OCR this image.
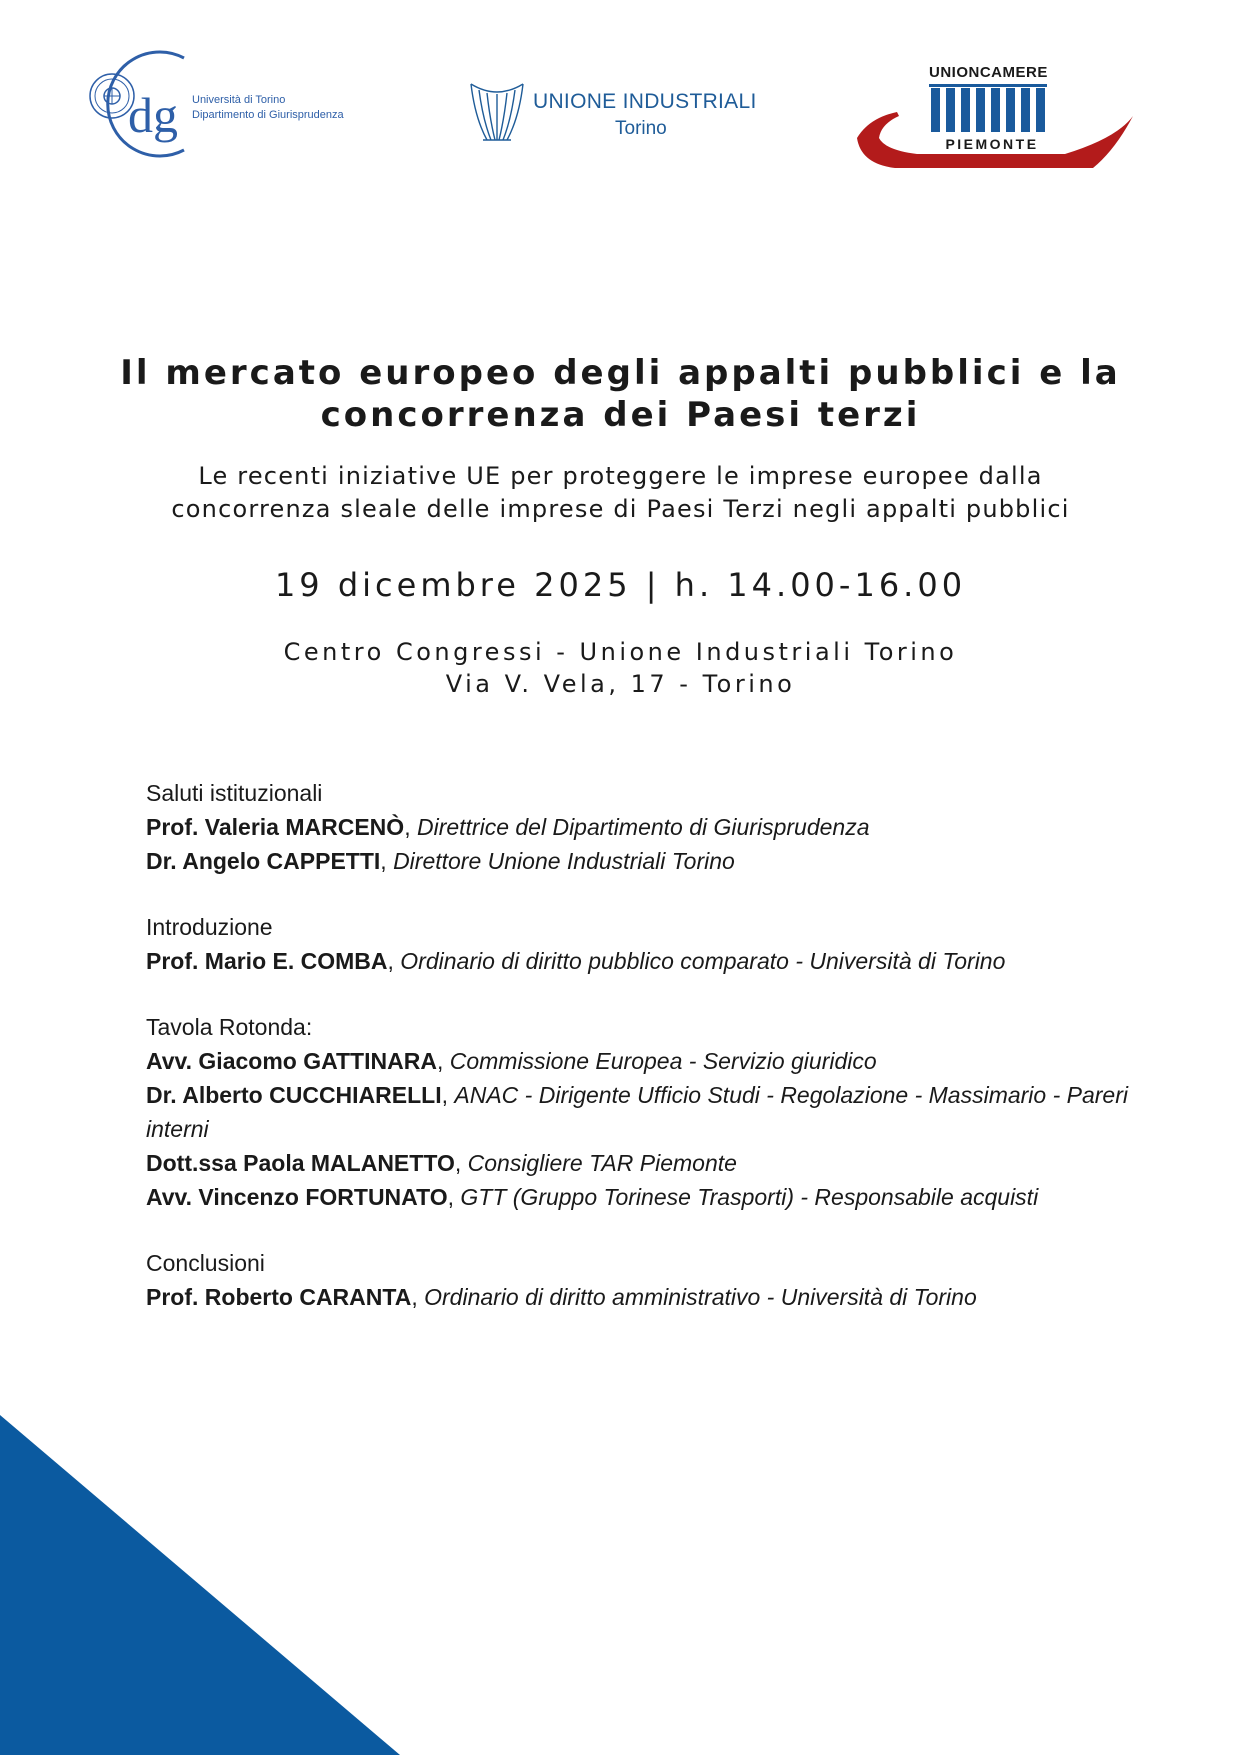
dg Università di Torino
Dipartimento di Giurisprudenza
UNIONE INDUSTRIALI
Torino
UNIONCAMERE
PIEMONTE
Il mercato europeo degli appalti pubblici e la
concorrenza dei Paesi terzi
Le recenti iniziative UE per proteggere le imprese europee dalla
concorrenza sleale delle imprese di Paesi Terzi negli appalti pubblici
19 dicembre 2025 | h. 14.00-16.00
Centro Congressi - Unione Industriali Torino
Via V. Vela, 17 - Torino
Saluti istituzionali
Prof. Valeria MARCENÒ, Direttrice del Dipartimento di Giurisprudenza
Dr. Angelo CAPPETTI, Direttore Unione Industriali Torino
Introduzione
Prof. Mario E. COMBA, Ordinario di diritto pubblico comparato - Università di Torino
Tavola Rotonda:
Avv. Giacomo GATTINARA, Commissione Europea - Servizio giuridico
Dr. Alberto CUCCHIARELLI, ANAC - Dirigente Ufficio Studi - Regolazione - Massimario - Pareri interni
Dott.ssa Paola MALANETTO, Consigliere TAR Piemonte
Avv. Vincenzo FORTUNATO, GTT (Gruppo Torinese Trasporti) - Responsabile acquisti
Conclusioni
Prof. Roberto CARANTA, Ordinario di diritto amministrativo - Università di Torino
